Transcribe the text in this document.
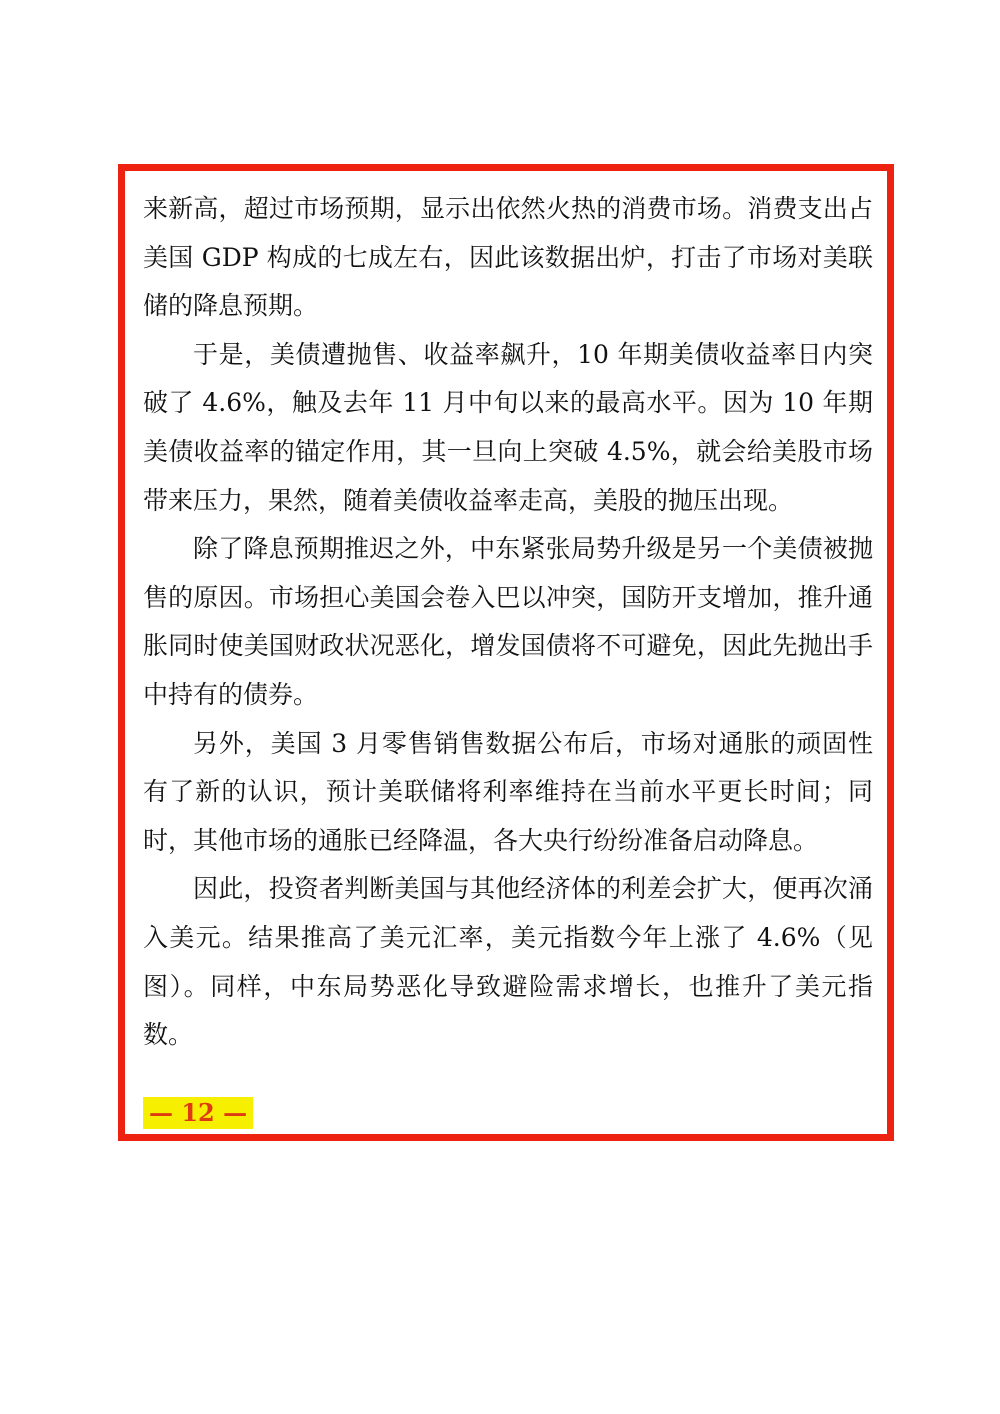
来新高，超过市场预期，显示出依然火热的消费市场。消费支出占美国 GDP 构成的七成左右，因此该数据出炉，打击了市场对美联储的降息预期。

于是，美债遭抛售、收益率飙升，10 年期美债收益率日内突破了 4.6%，触及去年 11 月中旬以来的最高水平。因为 10 年期美债收益率的锚定作用，其一旦向上突破 4.5%，就会给美股市场带来压力，果然，随着美债收益率走高，美股的抛压出现。

除了降息预期推迟之外，中东紧张局势升级是另一个美债被抛售的原因。市场担心美国会卷入巴以冲突，国防开支增加，推升通胀同时使美国财政状况恶化，增发国债将不可避免，因此先抛出手中持有的债券。

另外，美国 3 月零售销售数据公布后，市场对通胀的顽固性有了新的认识，预计美联储将利率维持在当前水平更长时间；同时，其他市场的通胀已经降温，各大央行纷纷准备启动降息。

因此，投资者判断美国与其他经济体的利差会扩大，便再次涌入美元。结果推高了美元汇率，美元指数今年上涨了 4.6%（见图）。同样，中东局势恶化导致避险需求增长，也推升了美元指数。

— 12 —
